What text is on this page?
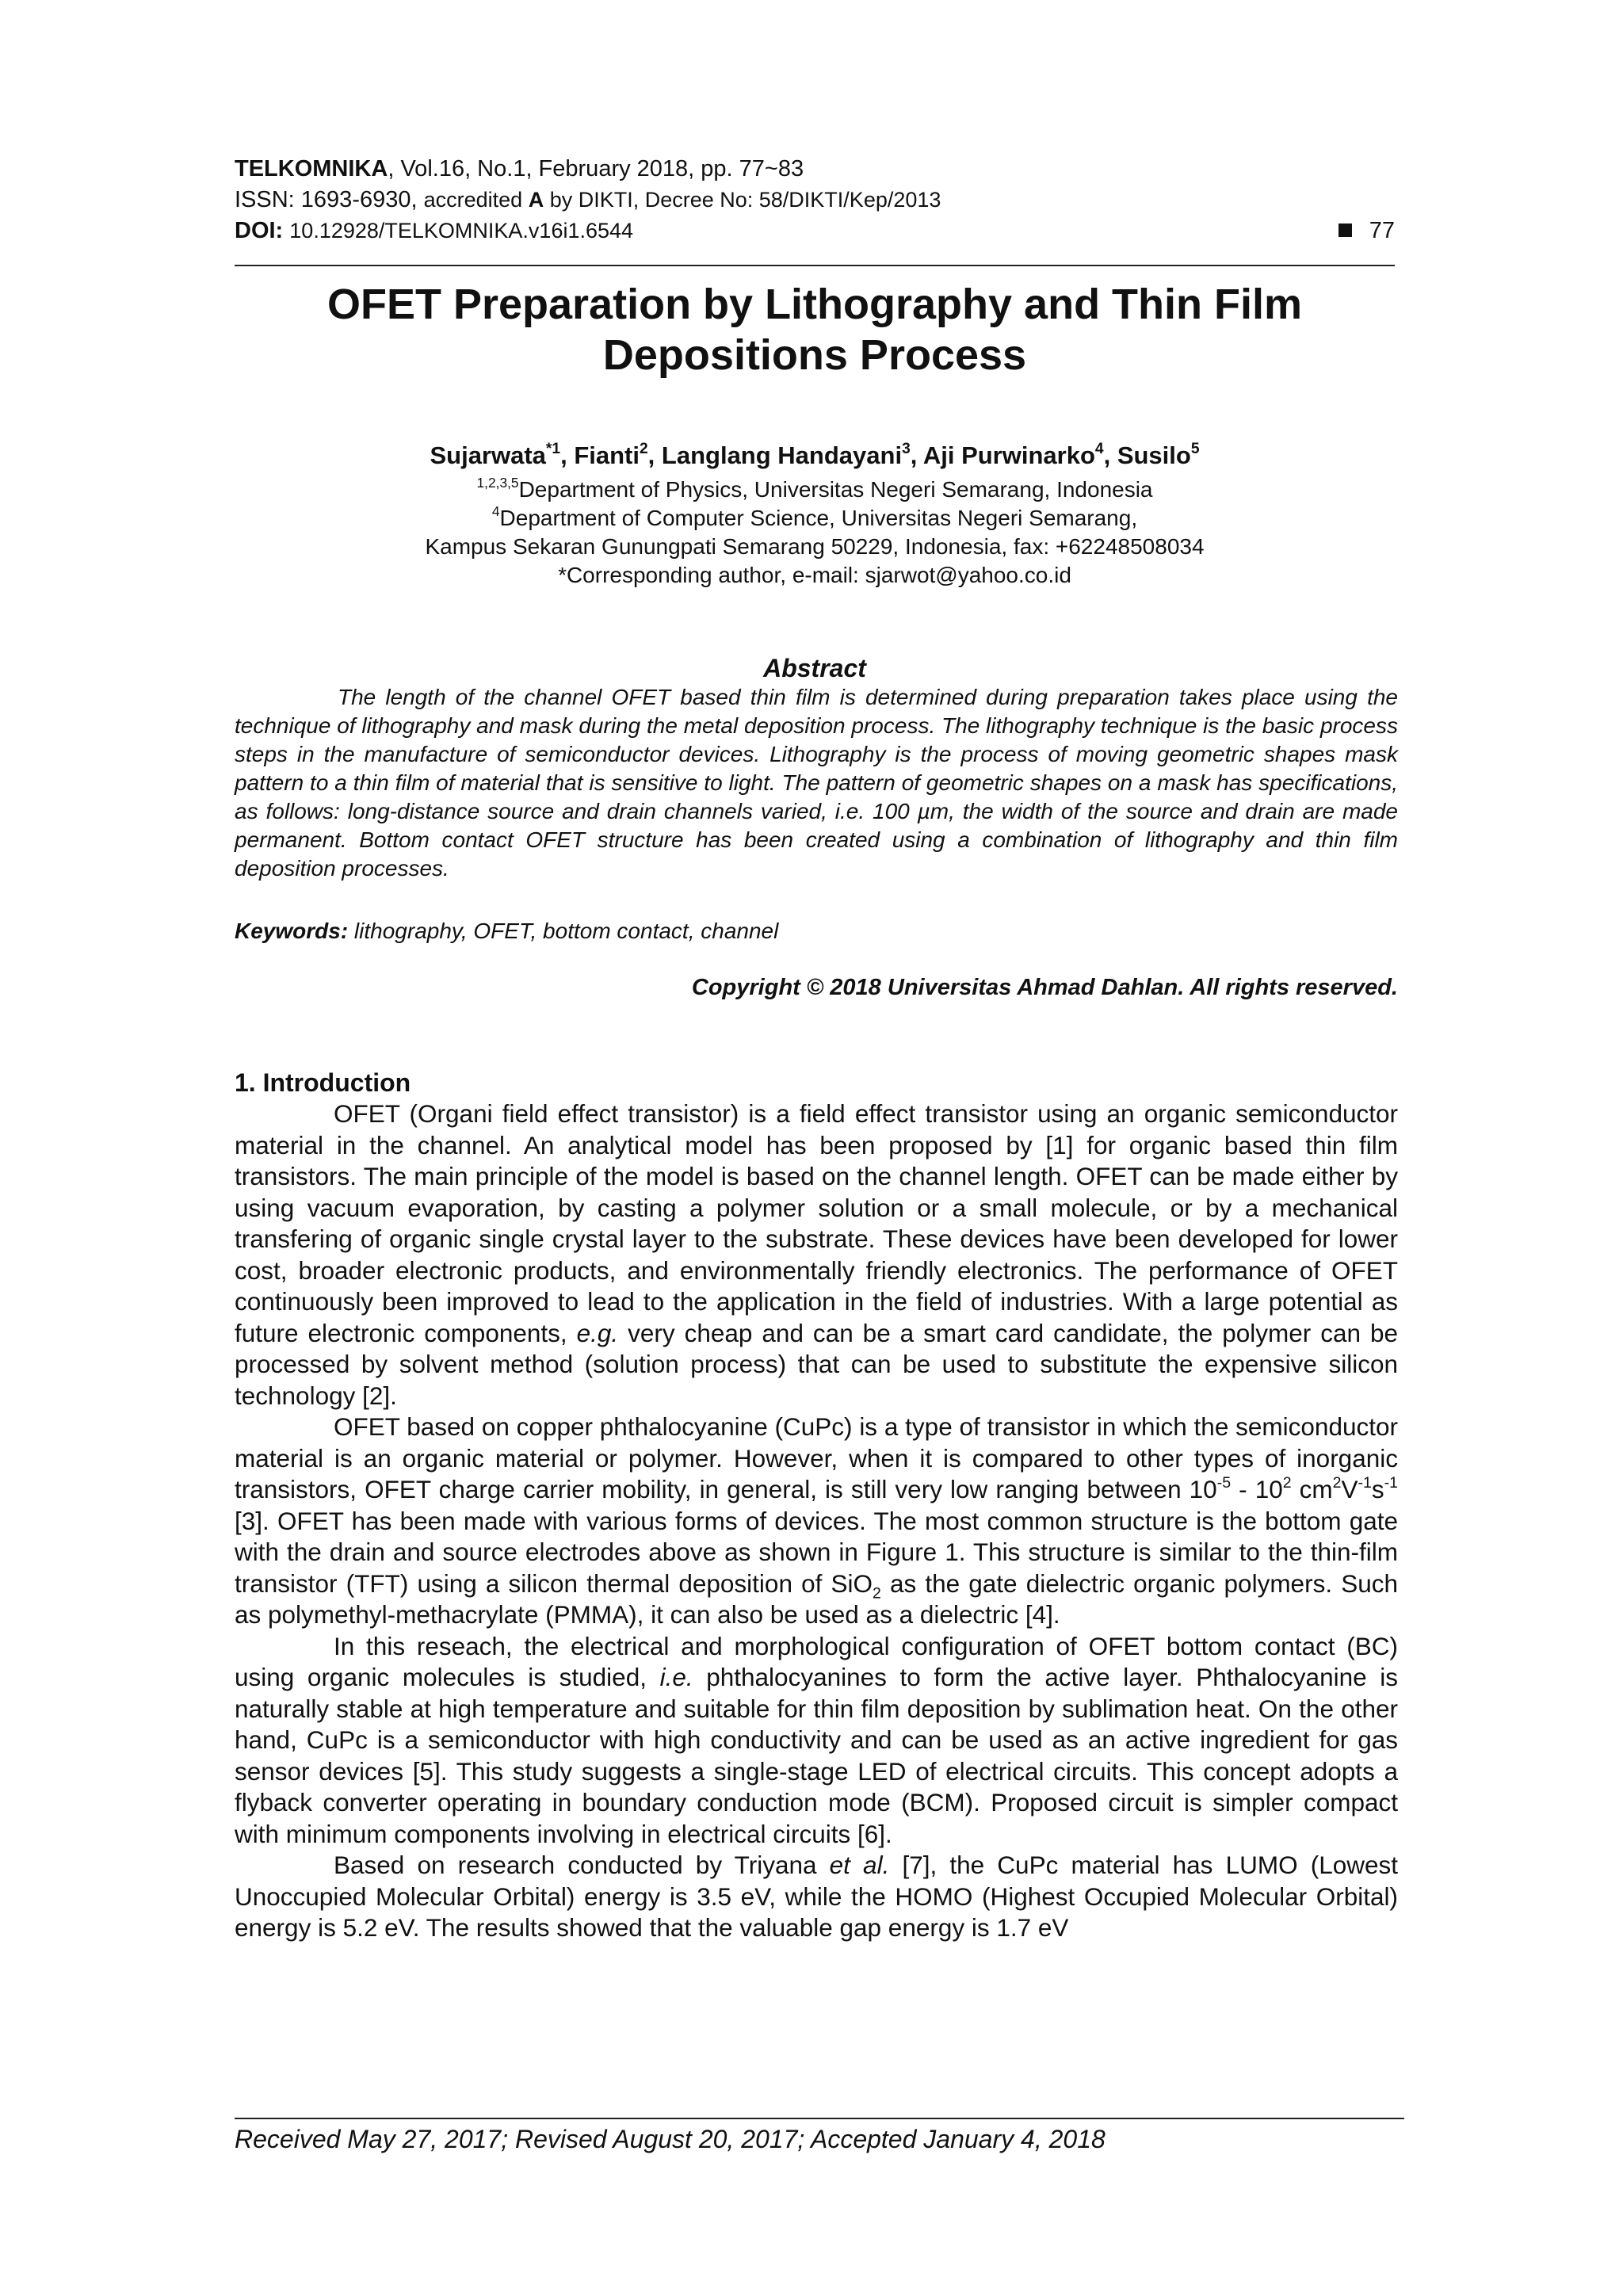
TELKOMNIKA, Vol.16, No.1, February 2018, pp. 77~83
ISSN: 1693-6930, accredited A by DIKTI, Decree No: 58/DIKTI/Kep/2013
DOI: 10.12928/TELKOMNIKA.v16i1.6544	77
OFET Preparation by Lithography and Thin Film
Depositions Process
Sujarwata$^{*1}$, Fianti$^2$, Langlang Handayani$^3$, Aji Purwinarko$^4$, Susilo$^5$
$^{1,2,3,5}$Department of Physics, Universitas Negeri Semarang, Indonesia
$^4$Department of Computer Science, Universitas Negeri Semarang,
Kampus Sekaran Gunungpati Semarang 50229, Indonesia, fax: +62248508034
*Corresponding author, e-mail: sjarwot@yahoo.co.id
Abstract

The length of the channel OFET based thin film is determined during preparation takes place using the technique of lithography and mask during the metal deposition process. The lithography technique is the basic process steps in the manufacture of semiconductor devices. Lithography is the process of moving geometric shapes mask pattern to a thin film of material that is sensitive to light. The pattern of geometric shapes on a mask has specifications, as follows: long-distance source and drain channels varied, i.e. 100 µm, the width of the source and drain are made permanent. Bottom contact OFET structure has been created using a combination of lithography and thin film deposition processes.

Keywords: lithography, OFET, bottom contact, channel
Copyright © 2018 Universitas Ahmad Dahlan. All rights reserved.
1. Introduction

OFET (Organi field effect transistor) is a field effect transistor using an organic semiconductor material in the channel. An analytical model has been proposed by [1] for organic based thin film transistors. The main principle of the model is based on the channel length. OFET can be made either by using vacuum evaporation, by casting a polymer solution or a small molecule, or by a mechanical transfering of organic single crystal layer to the substrate. These devices have been developed for lower cost, broader electronic products, and environmentally friendly electronics. The performance of OFET continuously been improved to lead to the application in the field of industries. With a large potential as future electronic components, e.g. very cheap and can be a smart card candidate, the polymer can be processed by solvent method (solution process) that can be used to substitute the expensive silicon technology [2].

OFET based on copper phthalocyanine (CuPc) is a type of transistor in which the semiconductor material is an organic material or polymer. However, when it is compared to other types of inorganic transistors, OFET charge carrier mobility, in general, is still very low ranging between $10^{-5} - 10^2$ $cm^2V^{-1}s^{-1}$ [3]. OFET has been made with various forms of devices. The most common structure is the bottom gate with the drain and source electrodes above as shown in Figure 1. This structure is similar to the thin-film transistor (TFT) using a silicon thermal deposition of SiO$_2$ as the gate dielectric organic polymers. Such as polymethyl-methacrylate (PMMA), it can also be used as a dielectric [4].

In this reseach, the electrical and morphological configuration of OFET bottom contact (BC) using organic molecules is studied, i.e. phthalocyanines to form the active layer. Phthalocyanine is naturally stable at high temperature and suitable for thin film deposition by sublimation heat. On the other hand, CuPc is a semiconductor with high conductivity and can be used as an active ingredient for gas sensor devices [5]. This study suggests a single-stage LED of electrical circuits. This concept adopts a flyback converter operating in boundary conduction mode (BCM). Proposed circuit is simpler compact with minimum components involving in electrical circuits [6].

Based on research conducted by Triyana et al. [7], the CuPc material has LUMO (Lowest Unoccupied Molecular Orbital) energy is 3.5 eV, while the HOMO (Highest Occupied Molecular Orbital) energy is 5.2 eV. The results showed that the valuable gap energy is 1.7 eV

Received May 27, 2017; Revised August 20, 2017; Accepted January 4, 2018
